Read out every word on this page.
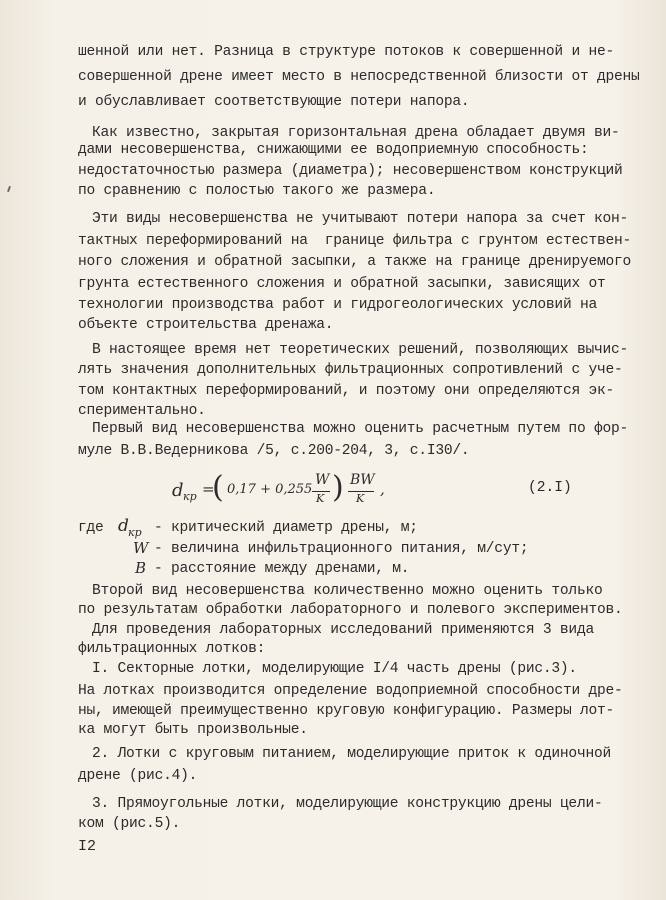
шенной или нет. Разница в структуре потоков к совершенной и не-
совершенной дрене имеет место в непосредственной близости от дрены
и обуславливает соответствующие потери напора.
Как известно, закрытая горизонтальная дрена обладает двумя ви-
дами несовершенства, снижающими ее водоприемную способность:
недостаточностью размера (диаметра); несовершенством конструкций
по сравнению с полостью такого же размера.
Эти виды несовершенства не учитывают потери напора за счет кон-
тактных переформирований на  границе фильтра с грунтом естествен-
ного сложения и обратной засыпки, а также на границе дренируемого
грунта естественного сложения и обратной засыпки, зависящих от
технологии производства работ и гидрогеологических условий на
объекте строительства дренажа.
В настоящее время нет теоретических решений, позволяющих вычис-
лять значения дополнительных фильтрационных сопротивлений с уче-
том контактных переформирований, и поэтому они определяются эк-
спериментально.
Первый вид несовершенства можно оценить расчетным путем по фор-
муле В.В.Ведерникова /5, с.200-204, 3, с.I30/.
d кр =
( 0,17 + 0,255
W
K ) BW
K
,	(2.I)
где d кр - критический диаметр дрены, м;
W - величина инфильтрационного питания, м/сут;
B - расстояние между дренами, м.
Второй вид несовершенства количественно можно оценить только
по результатам обработки лабораторного и полевого экспериментов.
Для проведения лабораторных исследований применяются 3 вида
фильтрационных лотков:
I. Секторные лотки, моделирующие I/4 часть дрены (рис.3).
На лотках производится определение водоприемной способности дре-
ны, имеющей преимущественно круговую конфигурацию. Размеры лот-
ка могут быть произвольные.
2. Лотки с круговым питанием, моделирующие приток к одиночной
дрене (рис.4).
3. Прямоугольные лотки, моделирующие конструкцию дрены цели-
ком (рис.5).
I2
